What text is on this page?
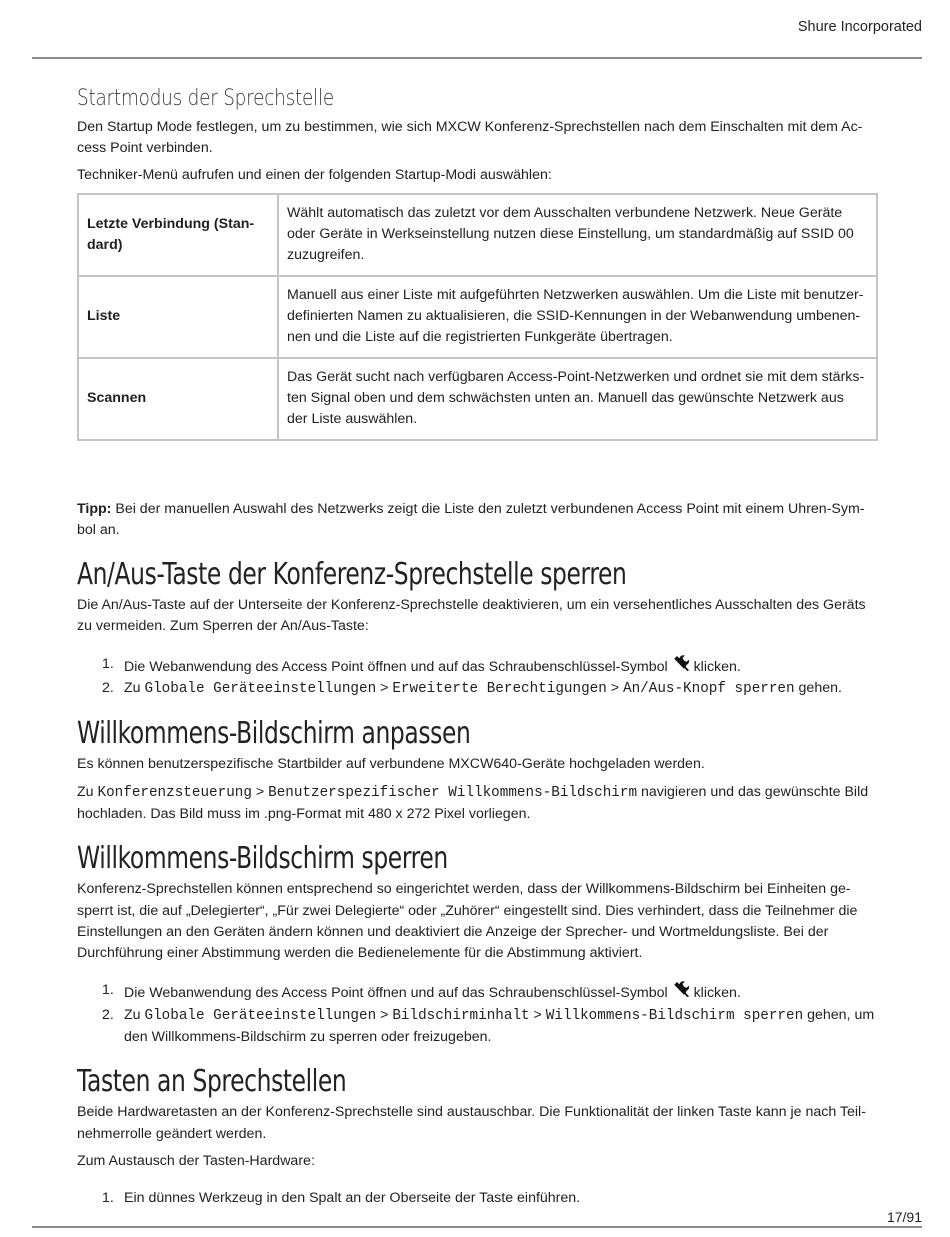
Shure Incorporated
Startmodus der Sprechstelle

Den Startup Mode festlegen, um zu bestimmen, wie sich MXCW Konferenz-Sprechstellen nach dem Einschalten mit dem Ac-cess Point verbinden.

Techniker-Menü aufrufen und einen der folgenden Startup-Modi auswählen:

Letzte Verbindung (Stan-dard)	Wählt automatisch das zuletzt vor dem Ausschalten verbundene Netzwerk. Neue Geräte oder Geräte in Werkseinstellung nutzen diese Einstellung, um standardmäßig auf SSID 00 zuzugreifen.
Liste	Manuell aus einer Liste mit aufgeführten Netzwerken auswählen. Um die Liste mit benutzer-definierten Namen zu aktualisieren, die SSID-Kennungen in der Webanwendung umbenen-nen und die Liste auf die registrierten Funkgeräte übertragen.
Scannen	Das Gerät sucht nach verfügbaren Access-Point-Netzwerken und ordnet sie mit dem stärks-ten Signal oben und dem schwächsten unten an. Manuell das gewünschte Netzwerk aus der Liste auswählen.

Tipp: Bei der manuellen Auswahl des Netzwerks zeigt die Liste den zuletzt verbundenen Access Point mit einem Uhren-Sym-bol an.

An/Aus-Taste der Konferenz-Sprechstelle sperren

Die An/Aus-Taste auf der Unterseite der Konferenz-Sprechstelle deaktivieren, um ein versehentliches Ausschalten des Geräts zu vermeiden. Zum Sperren der An/Aus-Taste:

1. Die Webanwendung des Access Point öffnen und auf das Schraubenschlüssel-Symbol  klicken.
2. Zu Globale Geräteeinstellungen > Erweiterte Berechtigungen > An/Aus-Knopf sperren gehen.
Willkommens-Bildschirm anpassen

Es können benutzerspezifische Startbilder auf verbundene MXCW640-Geräte hochgeladen werden.

Zu Konferenzsteuerung > Benutzerspezifischer Willkommens-Bildschirm navigieren und das gewünschte Bild hochladen. Das Bild muss im .png-Format mit 480 x 272 Pixel vorliegen.

Willkommens-Bildschirm sperren

Konferenz-Sprechstellen können entsprechend so eingerichtet werden, dass der Willkommens-Bildschirm bei Einheiten ge-sperrt ist, die auf „Delegierter“, „Für zwei Delegierte“ oder „Zuhörer“ eingestellt sind. Dies verhindert, dass die Teilnehmer die Einstellungen an den Geräten ändern können und deaktiviert die Anzeige der Sprecher- und Wortmeldungsliste. Bei der Durchführung einer Abstimmung werden die Bedienelemente für die Abstimmung aktiviert.

1. Die Webanwendung des Access Point öffnen und auf das Schraubenschlüssel-Symbol  klicken.
2. Zu Globale Geräteeinstellungen > Bildschirminhalt > Willkommens-Bildschirm sperren gehen, um den Willkommens-Bildschirm zu sperren oder freizugeben.
Tasten an Sprechstellen

Beide Hardwaretasten an der Konferenz-Sprechstelle sind austauschbar. Die Funktionalität der linken Taste kann je nach Teil-nehmerrolle geändert werden.

Zum Austausch der Tasten-Hardware:

1. Ein dünnes Werkzeug in den Spalt an der Oberseite der Taste einführen.
17/91
